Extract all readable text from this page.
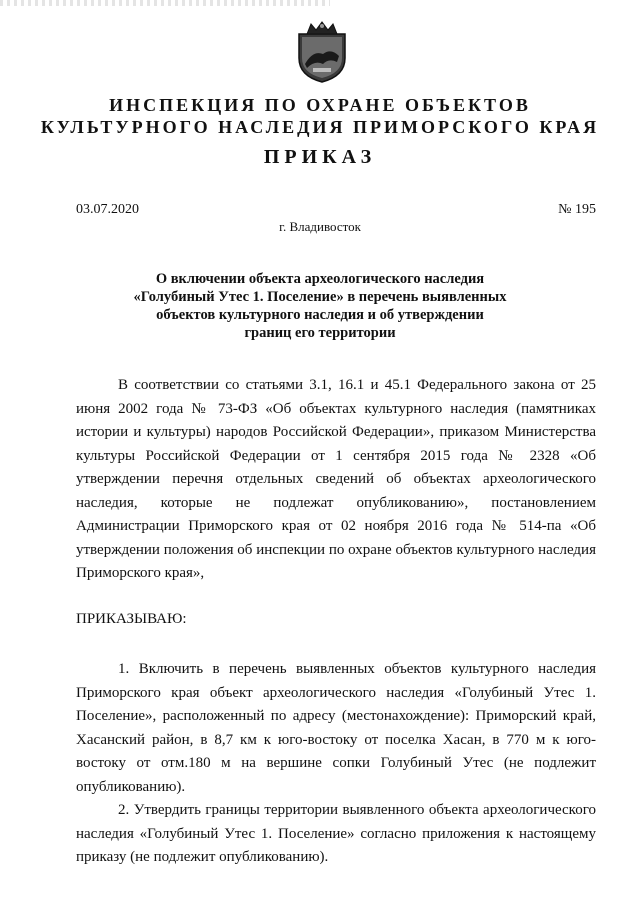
ИНСПЕКЦИЯ ПО ОХРАНЕ ОБЪЕКТОВ
КУЛЬТУРНОГО НАСЛЕДИЯ ПРИМОРСКОГО КРАЯ
ПРИКАЗ
03.07.2020	№ 195
г. Владивосток
О включении объекта археологического наследия
«Голубиный Утес 1. Поселение» в перечень выявленных
объектов культурного наследия и об утверждении
границ его территории
В соответствии со статьями 3.1, 16.1 и 45.1 Федерального закона от 25 июня 2002 года № 73-ФЗ «Об объектах культурного наследия (памятниках истории и культуры) народов Российской Федерации», приказом Министерства культуры Российской Федерации от 1 сентября 2015 года № 2328 «Об утверждении перечня отдельных сведений об объектах археологического наследия, которые не подлежат опубликованию», постановлением Администрации Приморского края от 02 ноября 2016 года № 514-па «Об утверждении положения об инспекции по охране объектов культурного наследия Приморского края»,
ПРИКАЗЫВАЮ:

1. Включить в перечень выявленных объектов культурного наследия Приморского края объект археологического наследия «Голубиный Утес 1. Поселение», расположенный по адресу (местонахождение): Приморский край, Хасанский район, в 8,7 км к юго-востоку от поселка Хасан, в 770 м к юго-востоку от отм.180 м на вершине сопки Голубиный Утес (не подлежит опубликованию).

2. Утвердить границы территории выявленного объекта археологического наследия «Голубиный Утес 1. Поселение» согласно приложения к настоящему приказу (не подлежит опубликованию).
